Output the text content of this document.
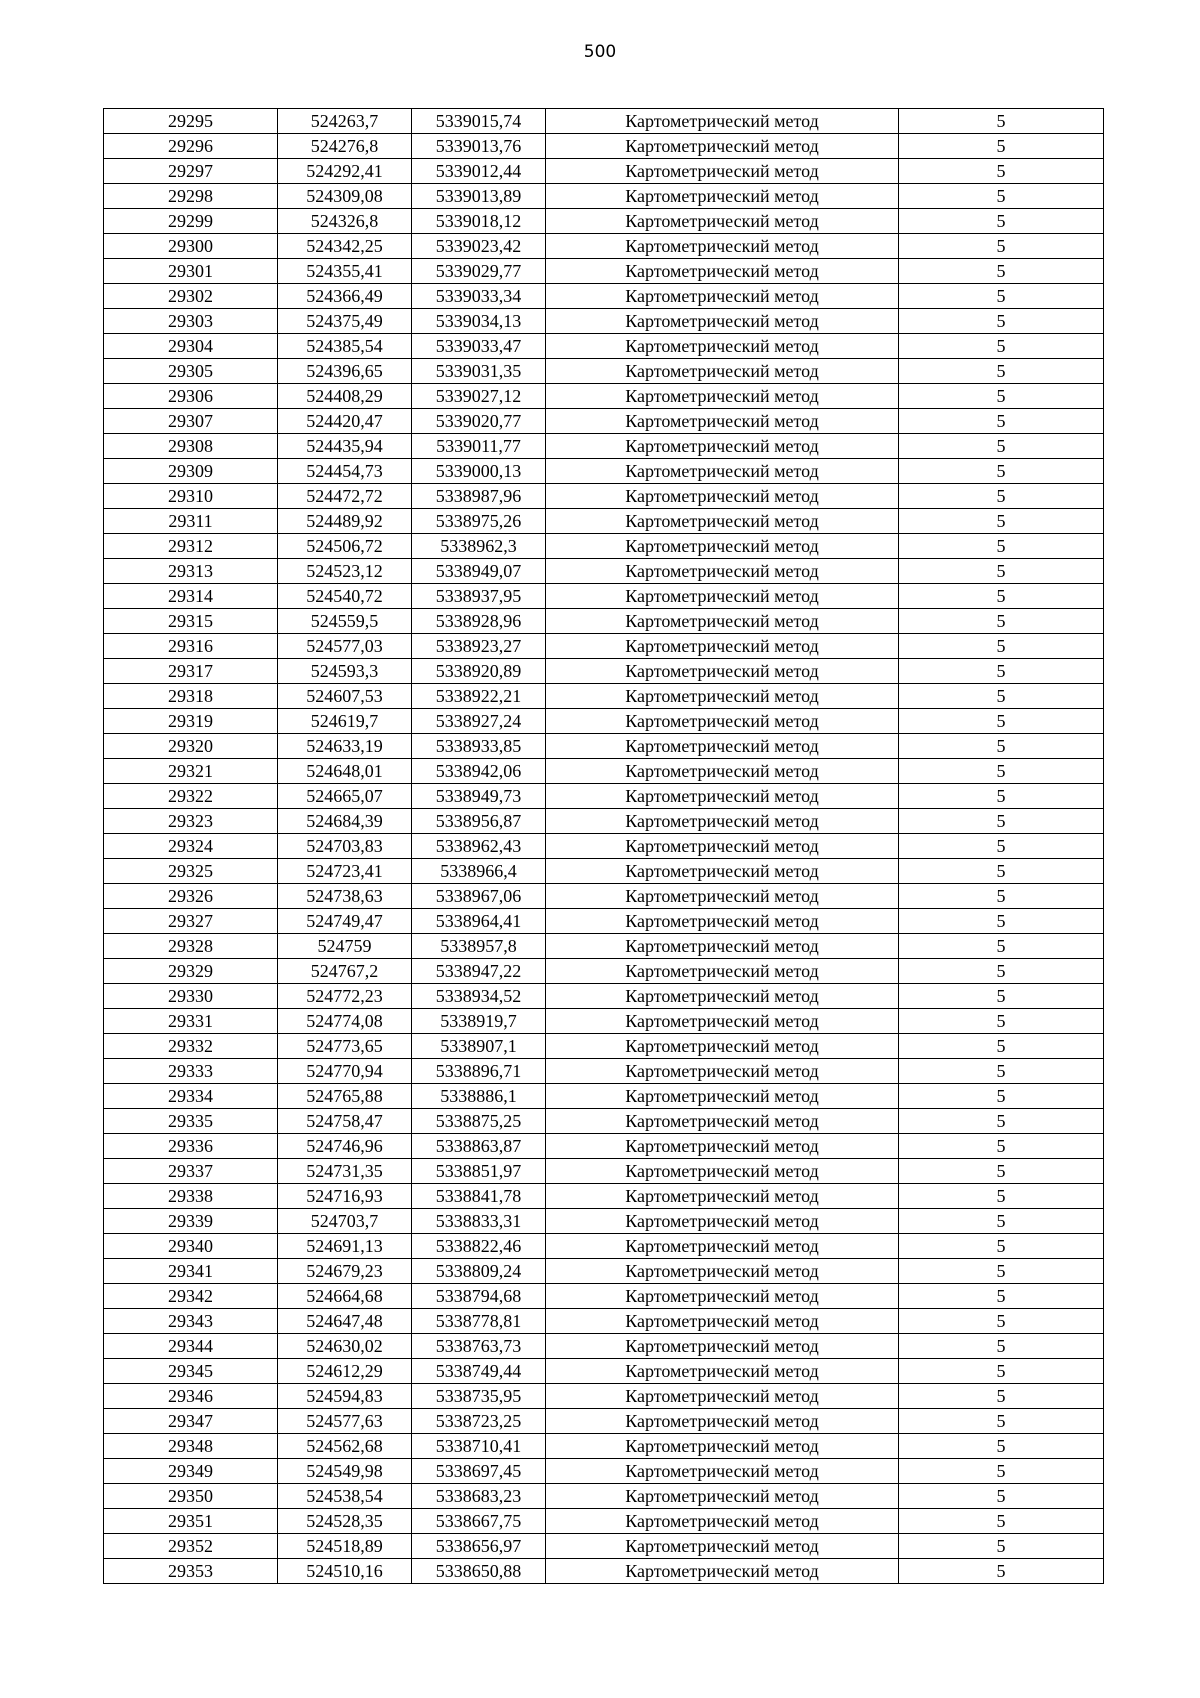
500
29295	524263,7	5339015,74	Картометрический метод	5
29296	524276,8	5339013,76	Картометрический метод	5
29297	524292,41	5339012,44	Картометрический метод	5
29298	524309,08	5339013,89	Картометрический метод	5
29299	524326,8	5339018,12	Картометрический метод	5
29300	524342,25	5339023,42	Картометрический метод	5
29301	524355,41	5339029,77	Картометрический метод	5
29302	524366,49	5339033,34	Картометрический метод	5
29303	524375,49	5339034,13	Картометрический метод	5
29304	524385,54	5339033,47	Картометрический метод	5
29305	524396,65	5339031,35	Картометрический метод	5
29306	524408,29	5339027,12	Картометрический метод	5
29307	524420,47	5339020,77	Картометрический метод	5
29308	524435,94	5339011,77	Картометрический метод	5
29309	524454,73	5339000,13	Картометрический метод	5
29310	524472,72	5338987,96	Картометрический метод	5
29311	524489,92	5338975,26	Картометрический метод	5
29312	524506,72	5338962,3	Картометрический метод	5
29313	524523,12	5338949,07	Картометрический метод	5
29314	524540,72	5338937,95	Картометрический метод	5
29315	524559,5	5338928,96	Картометрический метод	5
29316	524577,03	5338923,27	Картометрический метод	5
29317	524593,3	5338920,89	Картометрический метод	5
29318	524607,53	5338922,21	Картометрический метод	5
29319	524619,7	5338927,24	Картометрический метод	5
29320	524633,19	5338933,85	Картометрический метод	5
29321	524648,01	5338942,06	Картометрический метод	5
29322	524665,07	5338949,73	Картометрический метод	5
29323	524684,39	5338956,87	Картометрический метод	5
29324	524703,83	5338962,43	Картометрический метод	5
29325	524723,41	5338966,4	Картометрический метод	5
29326	524738,63	5338967,06	Картометрический метод	5
29327	524749,47	5338964,41	Картометрический метод	5
29328	524759	5338957,8	Картометрический метод	5
29329	524767,2	5338947,22	Картометрический метод	5
29330	524772,23	5338934,52	Картометрический метод	5
29331	524774,08	5338919,7	Картометрический метод	5
29332	524773,65	5338907,1	Картометрический метод	5
29333	524770,94	5338896,71	Картометрический метод	5
29334	524765,88	5338886,1	Картометрический метод	5
29335	524758,47	5338875,25	Картометрический метод	5
29336	524746,96	5338863,87	Картометрический метод	5
29337	524731,35	5338851,97	Картометрический метод	5
29338	524716,93	5338841,78	Картометрический метод	5
29339	524703,7	5338833,31	Картометрический метод	5
29340	524691,13	5338822,46	Картометрический метод	5
29341	524679,23	5338809,24	Картометрический метод	5
29342	524664,68	5338794,68	Картометрический метод	5
29343	524647,48	5338778,81	Картометрический метод	5
29344	524630,02	5338763,73	Картометрический метод	5
29345	524612,29	5338749,44	Картометрический метод	5
29346	524594,83	5338735,95	Картометрический метод	5
29347	524577,63	5338723,25	Картометрический метод	5
29348	524562,68	5338710,41	Картометрический метод	5
29349	524549,98	5338697,45	Картометрический метод	5
29350	524538,54	5338683,23	Картометрический метод	5
29351	524528,35	5338667,75	Картометрический метод	5
29352	524518,89	5338656,97	Картометрический метод	5
29353	524510,16	5338650,88	Картометрический метод	5
